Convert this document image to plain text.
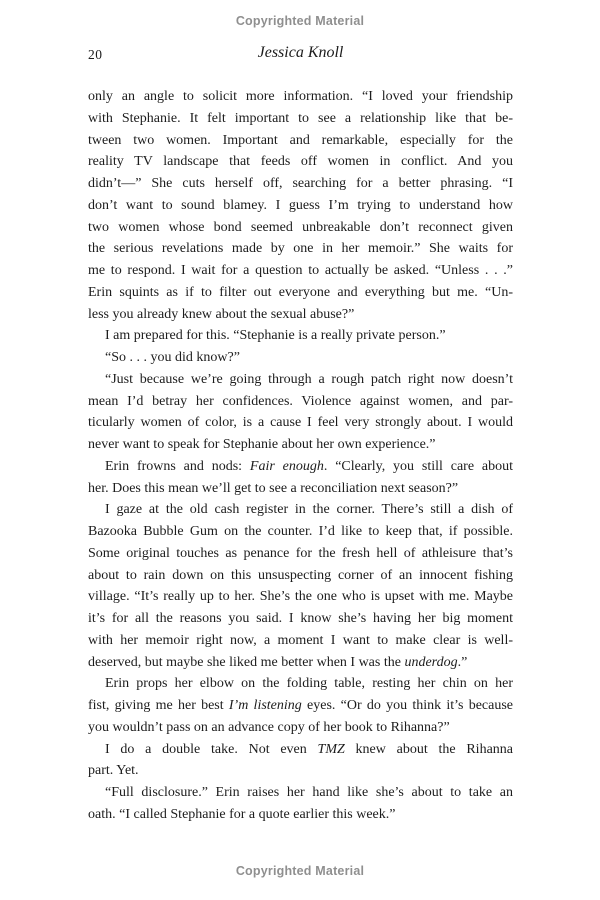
Copyrighted Material
20	Jessica Knoll
only an angle to solicit more information. “I loved your friendship
with Stephanie. It felt important to see a relationship like that be-
tween two women. Important and remarkable, especially for the
reality TV landscape that feeds off women in conflict. And you
didn’t—” She cuts herself off, searching for a better phrasing. “I
don’t want to sound blamey. I guess I’m trying to understand how
two women whose bond seemed unbreakable don’t reconnect given
the serious revelations made by one in her memoir.” She waits for
me to respond. I wait for a question to actually be asked. “Unless . . .”
Erin squints as if to filter out everyone and everything but me. “Un-
less you already knew about the sexual abuse?”
I am prepared for this. “Stephanie is a really private person.”
“So . . . you did know?”
“Just because we’re going through a rough patch right now doesn’t
mean I’d betray her confidences. Violence against women, and par-
ticularly women of color, is a cause I feel very strongly about. I would
never want to speak for Stephanie about her own experience.”
Erin frowns and nods: Fair enough. “Clearly, you still care about
her. Does this mean we’ll get to see a reconciliation next season?”
I gaze at the old cash register in the corner. There’s still a dish of
Bazooka Bubble Gum on the counter. I’d like to keep that, if possible.
Some original touches as penance for the fresh hell of athleisure that’s
about to rain down on this unsuspecting corner of an innocent fishing
village. “It’s really up to her. She’s the one who is upset with me. Maybe
it’s for all the reasons you said. I know she’s having her big moment
with her memoir right now, a moment I want to make clear is well-
deserved, but maybe she liked me better when I was the underdog.”
Erin props her elbow on the folding table, resting her chin on her
fist, giving me her best I’m listening eyes. “Or do you think it’s because
you wouldn’t pass on an advance copy of her book to Rihanna?”
I do a double take. Not even TMZ knew about the Rihanna
part. Yet.
“Full disclosure.” Erin raises her hand like she’s about to take an
oath. “I called Stephanie for a quote earlier this week.”
Copyrighted Material
